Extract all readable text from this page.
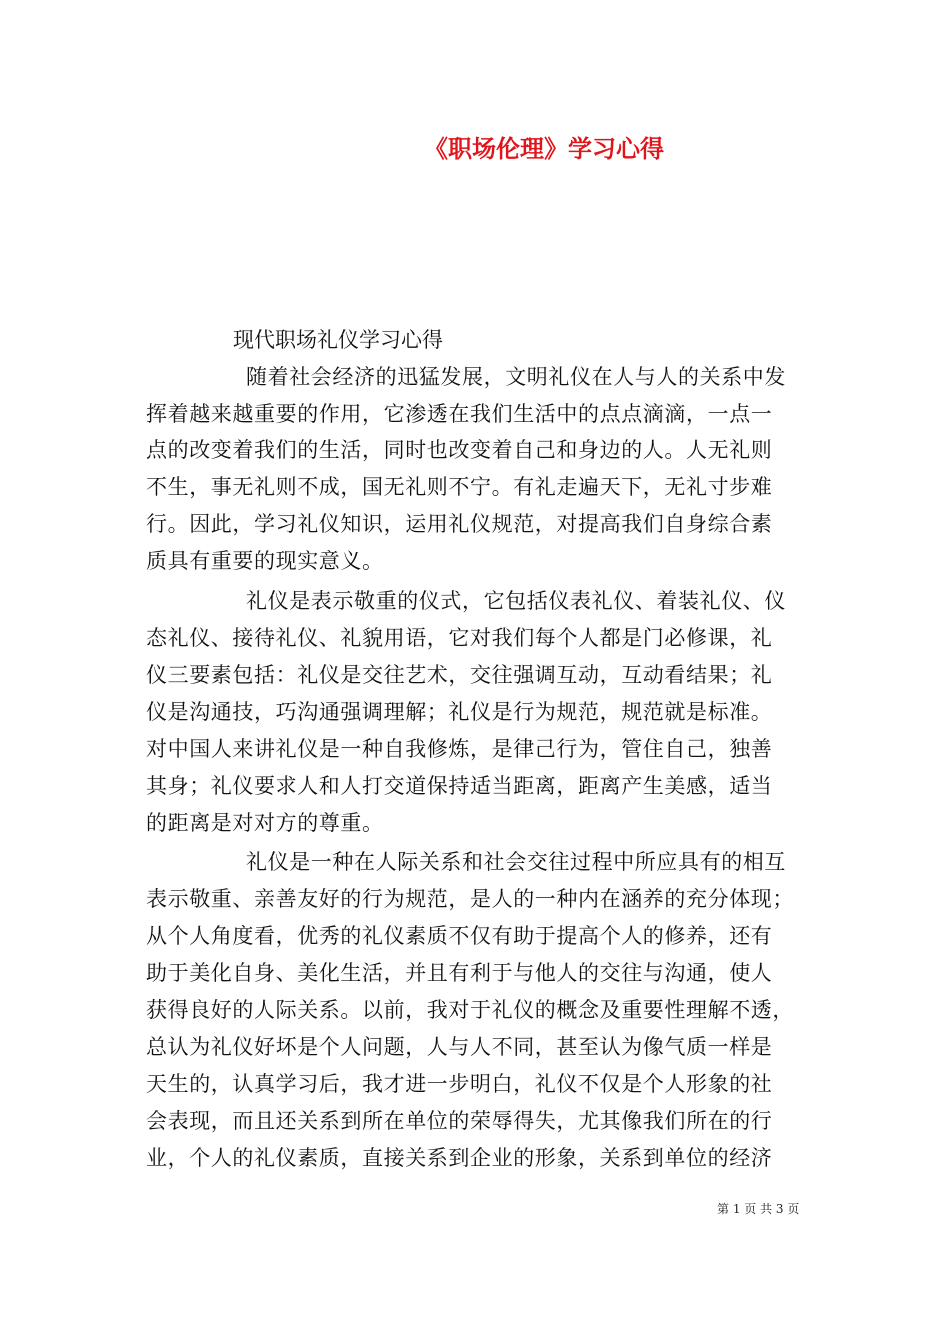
《职场伦理》学习心得
现代职场礼仪学习心得
随着社会经济的迅猛发展，文明礼仪在人与人的关系中发
挥着越来越重要的作用，它渗透在我们生活中的点点滴滴，一点一
点的改变着我们的生活，同时也改变着自己和身边的人。人无礼则
不生，事无礼则不成，国无礼则不宁。有礼走遍天下，无礼寸步难
行。因此，学习礼仪知识，运用礼仪规范，对提高我们自身综合素
质具有重要的现实意义。
礼仪是表示敬重的仪式，它包括仪表礼仪、着装礼仪、仪
态礼仪、接待礼仪、礼貌用语，它对我们每个人都是门必修课，礼
仪三要素包括：礼仪是交往艺术，交往强调互动，互动看结果；礼
仪是沟通技，巧沟通强调理解；礼仪是行为规范，规范就是标准。
对中国人来讲礼仪是一种自我修炼，是律己行为，管住自己，独善
其身；礼仪要求人和人打交道保持适当距离，距离产生美感，适当
的距离是对对方的尊重。
礼仪是一种在人际关系和社会交往过程中所应具有的相互
表示敬重、亲善友好的行为规范，是人的一种内在涵养的充分体现；
从个人角度看，优秀的礼仪素质不仅有助于提高个人的修养，还有
助于美化自身、美化生活，并且有利于与他人的交往与沟通，使人
获得良好的人际关系。以前，我对于礼仪的概念及重要性理解不透，
总认为礼仪好坏是个人问题，人与人不同，甚至认为像气质一样是
天生的，认真学习后，我才进一步明白，礼仪不仅是个人形象的社
会表现，而且还关系到所在单位的荣辱得失，尤其像我们所在的行
业，个人的礼仪素质，直接关系到企业的形象，关系到单位的经济
第 1 页 共 3 页
